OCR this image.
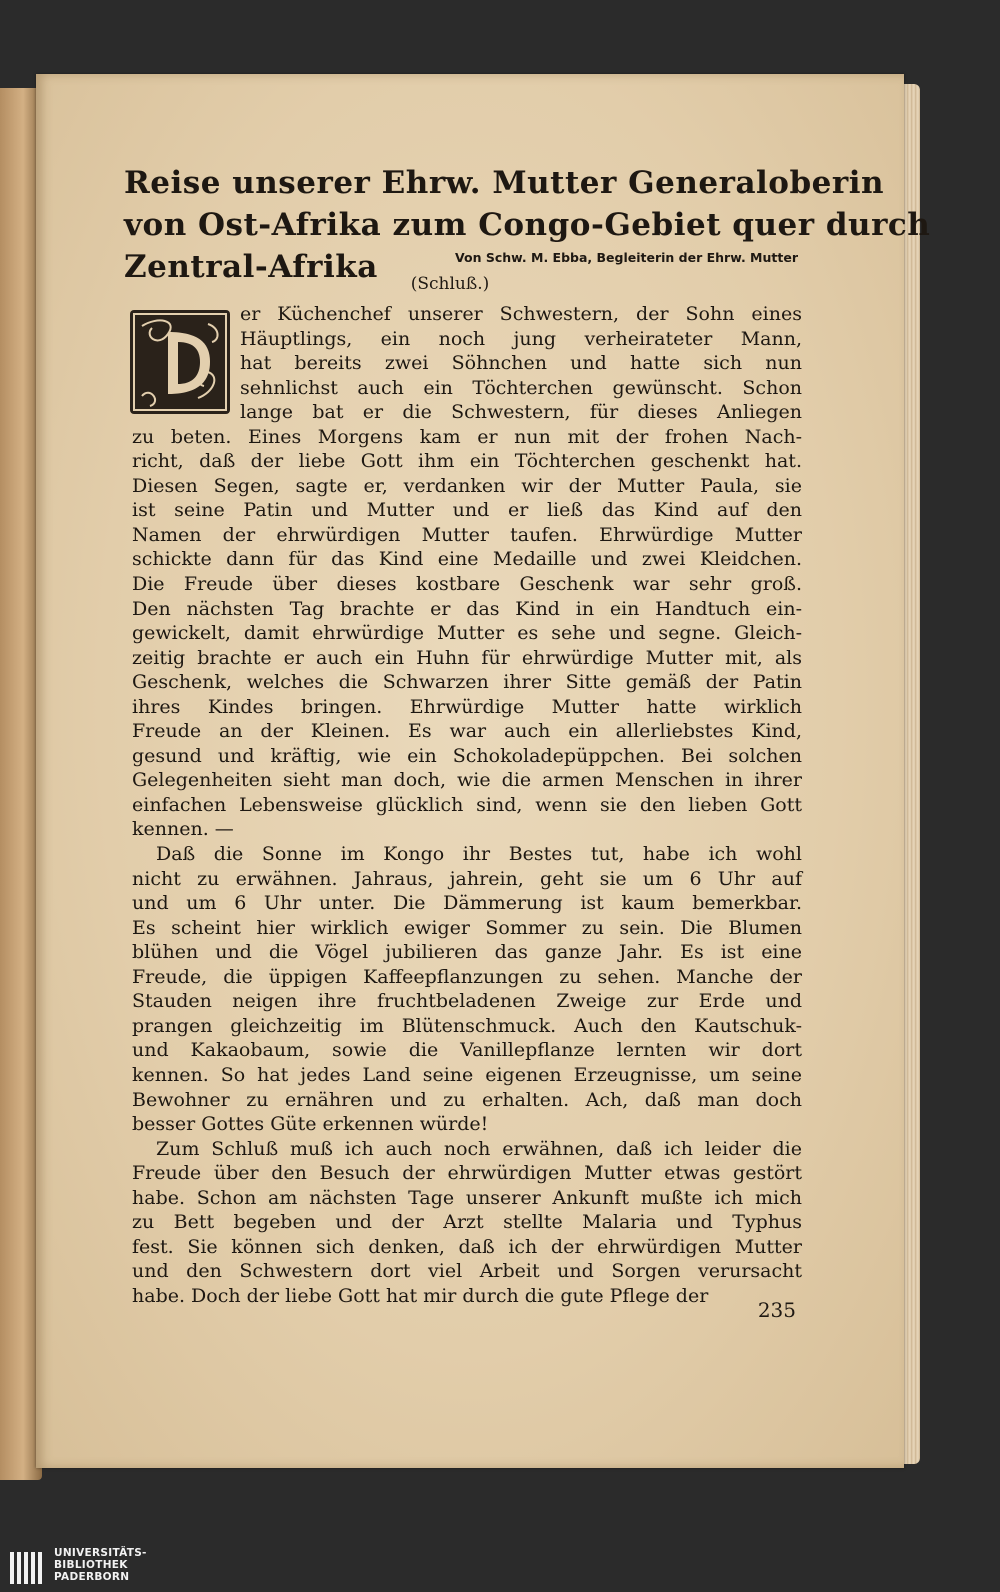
Reise unserer Ehrw. Mutter Generaloberin
von Ost-Afrika zum Congo-Gebiet quer durch
Zentral-Afrika	Von Schw. M. Ebba, Begleiterin der Ehrw. Mutter
(Schluß.)
er Küchenchef unserer Schwestern, der Sohn eines
Häuptlings, ein noch jung verheirateter Mann,
hat bereits zwei Söhnchen und hatte sich nun
sehnlichst auch ein Töchterchen gewünscht. Schon
lange bat er die Schwestern, für dieses Anliegen
zu beten. Eines Morgens kam er nun mit der frohen Nach-
richt, daß der liebe Gott ihm ein Töchterchen geschenkt hat.
Diesen Segen, sagte er, verdanken wir der Mutter Paula, sie
ist seine Patin und Mutter und er ließ das Kind auf den
Namen der ehrwürdigen Mutter taufen. Ehrwürdige Mutter
schickte dann für das Kind eine Medaille und zwei Kleidchen.
Die Freude über dieses kostbare Geschenk war sehr groß.
Den nächsten Tag brachte er das Kind in ein Handtuch ein-
gewickelt, damit ehrwürdige Mutter es sehe und segne. Gleich-
zeitig brachte er auch ein Huhn für ehrwürdige Mutter mit, als
Geschenk, welches die Schwarzen ihrer Sitte gemäß der Patin
ihres Kindes bringen. Ehrwürdige Mutter hatte wirklich
Freude an der Kleinen. Es war auch ein allerliebstes Kind,
gesund und kräftig, wie ein Schokoladepüppchen. Bei solchen
Gelegenheiten sieht man doch, wie die armen Menschen in ihrer
einfachen Lebensweise glücklich sind, wenn sie den lieben Gott
kennen. —
Daß die Sonne im Kongo ihr Bestes tut, habe ich wohl
nicht zu erwähnen. Jahraus, jahrein, geht sie um 6 Uhr auf
und um 6 Uhr unter. Die Dämmerung ist kaum bemerkbar.
Es scheint hier wirklich ewiger Sommer zu sein. Die Blumen
blühen und die Vögel jubilieren das ganze Jahr. Es ist eine
Freude, die üppigen Kaffeepflanzungen zu sehen. Manche der
Stauden neigen ihre fruchtbeladenen Zweige zur Erde und
prangen gleichzeitig im Blütenschmuck. Auch den Kautschuk-
und Kakaobaum, sowie die Vanillepflanze lernten wir dort
kennen. So hat jedes Land seine eigenen Erzeugnisse, um seine
Bewohner zu ernähren und zu erhalten. Ach, daß man doch
besser Gottes Güte erkennen würde!
Zum Schluß muß ich auch noch erwähnen, daß ich leider die
Freude über den Besuch der ehrwürdigen Mutter etwas gestört
habe. Schon am nächsten Tage unserer Ankunft mußte ich mich
zu Bett begeben und der Arzt stellte Malaria und Typhus
fest. Sie können sich denken, daß ich der ehrwürdigen Mutter
und den Schwestern dort viel Arbeit und Sorgen verursacht
habe. Doch der liebe Gott hat mir durch die gute Pflege der
235
UNIVERSITÄTS-
BIBLIOTHEK
PADERBORN
